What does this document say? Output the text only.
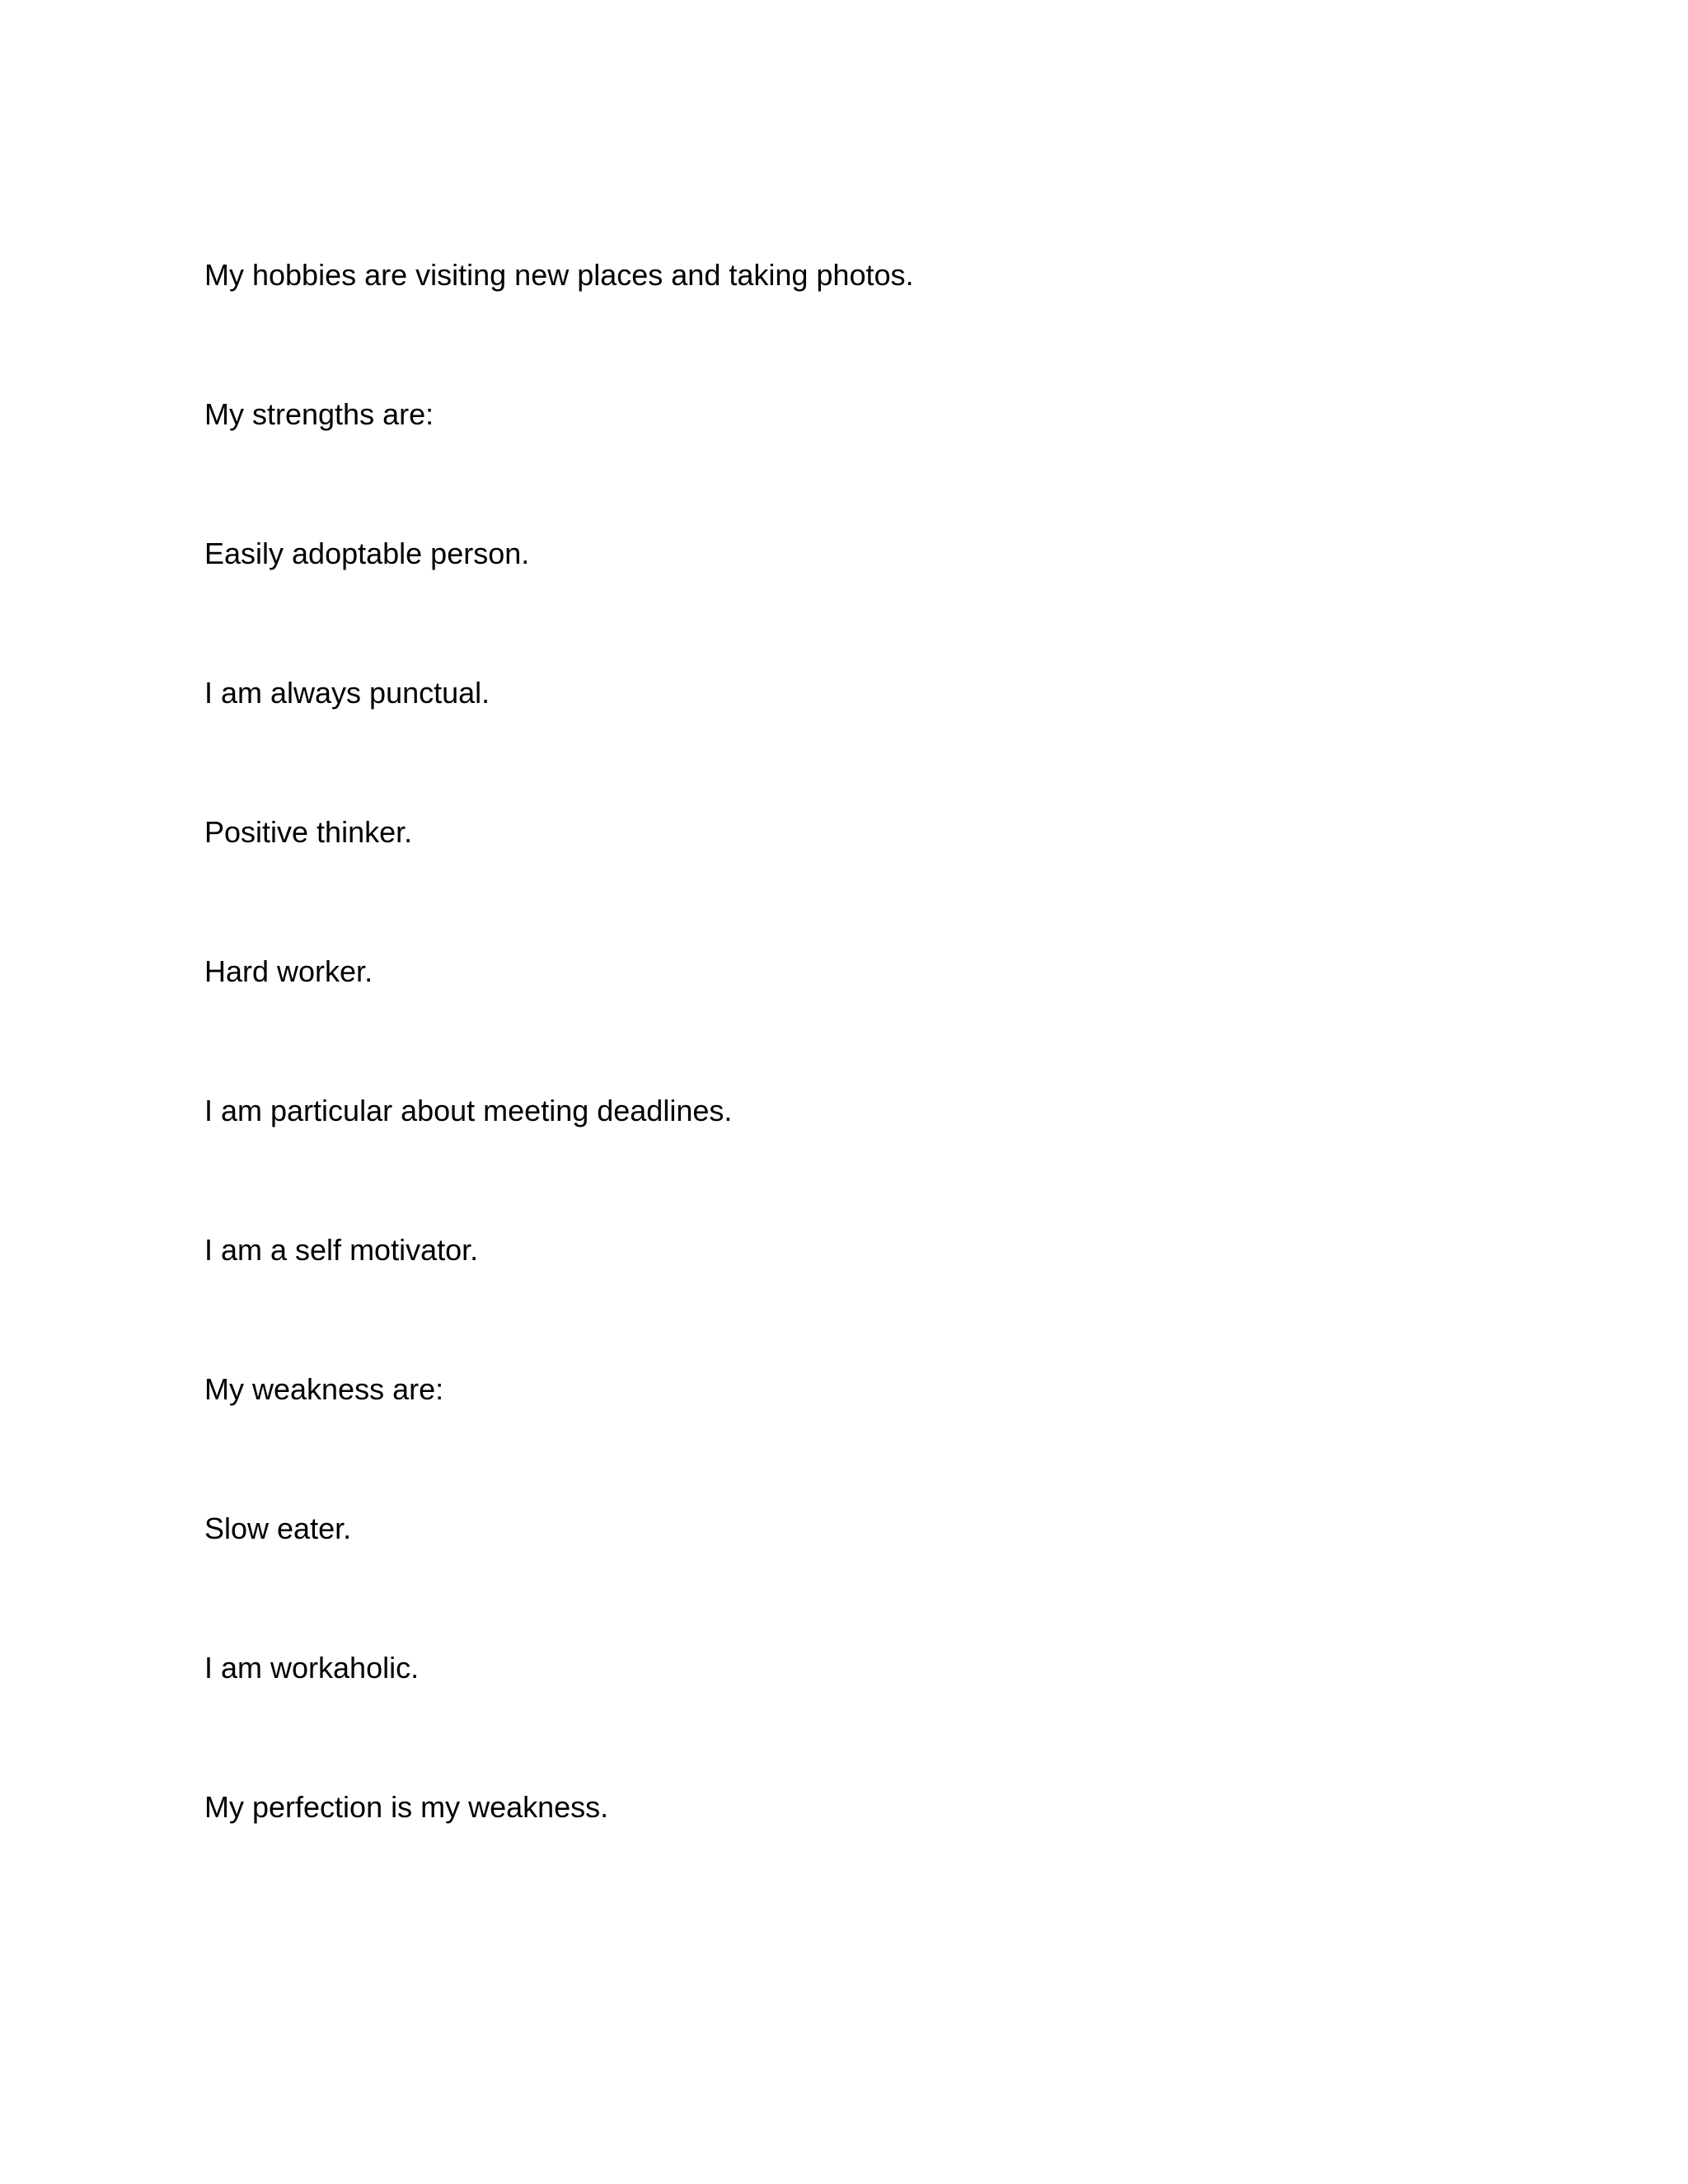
My hobbies are visiting new places and taking photos.

My strengths are:

Easily adoptable person.

I am always punctual.

Positive thinker.

Hard worker.

I am particular about meeting deadlines.

I am a self motivator.

My weakness are:

Slow eater.

I am workaholic.

My perfection is my weakness.
